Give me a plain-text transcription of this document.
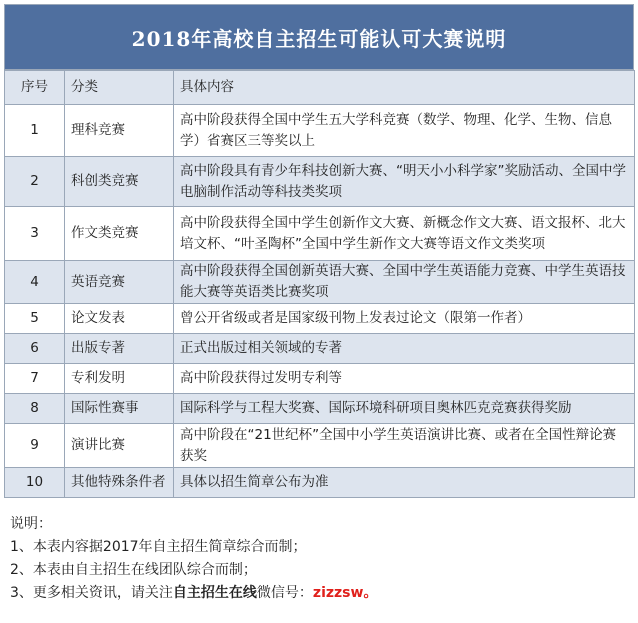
2018年高校自主招生可能认可大赛说明
序号	分类	具体内容
1	理科竞赛	高中阶段获得全国中学生五大学科竞赛（数学、物理、化学、生物、信息学）省赛区三等奖以上
2	科创类竞赛	高中阶段具有青少年科技创新大赛、“明天小小科学家”奖励活动、全国中学电脑制作活动等科技类奖项
3	作文类竞赛	高中阶段获得全国中学生创新作文大赛、新概念作文大赛、语文报杯、北大培文杯、“叶圣陶杯”全国中学生新作文大赛等语文作文类奖项
4	英语竞赛	高中阶段获得全国创新英语大赛、全国中学生英语能力竞赛、中学生英语技能大赛等英语类比赛奖项
5	论文发表	曾公开省级或者是国家级刊物上发表过论文（限第一作者）
6	出版专著	正式出版过相关领域的专著
7	专利发明	高中阶段获得过发明专利等
8	国际性赛事	国际科学与工程大奖赛、国际环境科研项目奥林匹克竞赛获得奖励
9	演讲比赛	高中阶段在“21世纪杯”全国中小学生英语演讲比赛、或者在全国性辩论赛获奖
10	其他特殊条件者	具体以招生简章公布为准
说明：
1、本表内容据2017年自主招生简章综合而制；
2、本表由自主招生在线团队综合而制；
3、更多相关资讯，请关注自主招生在线微信号：zizzsw。
